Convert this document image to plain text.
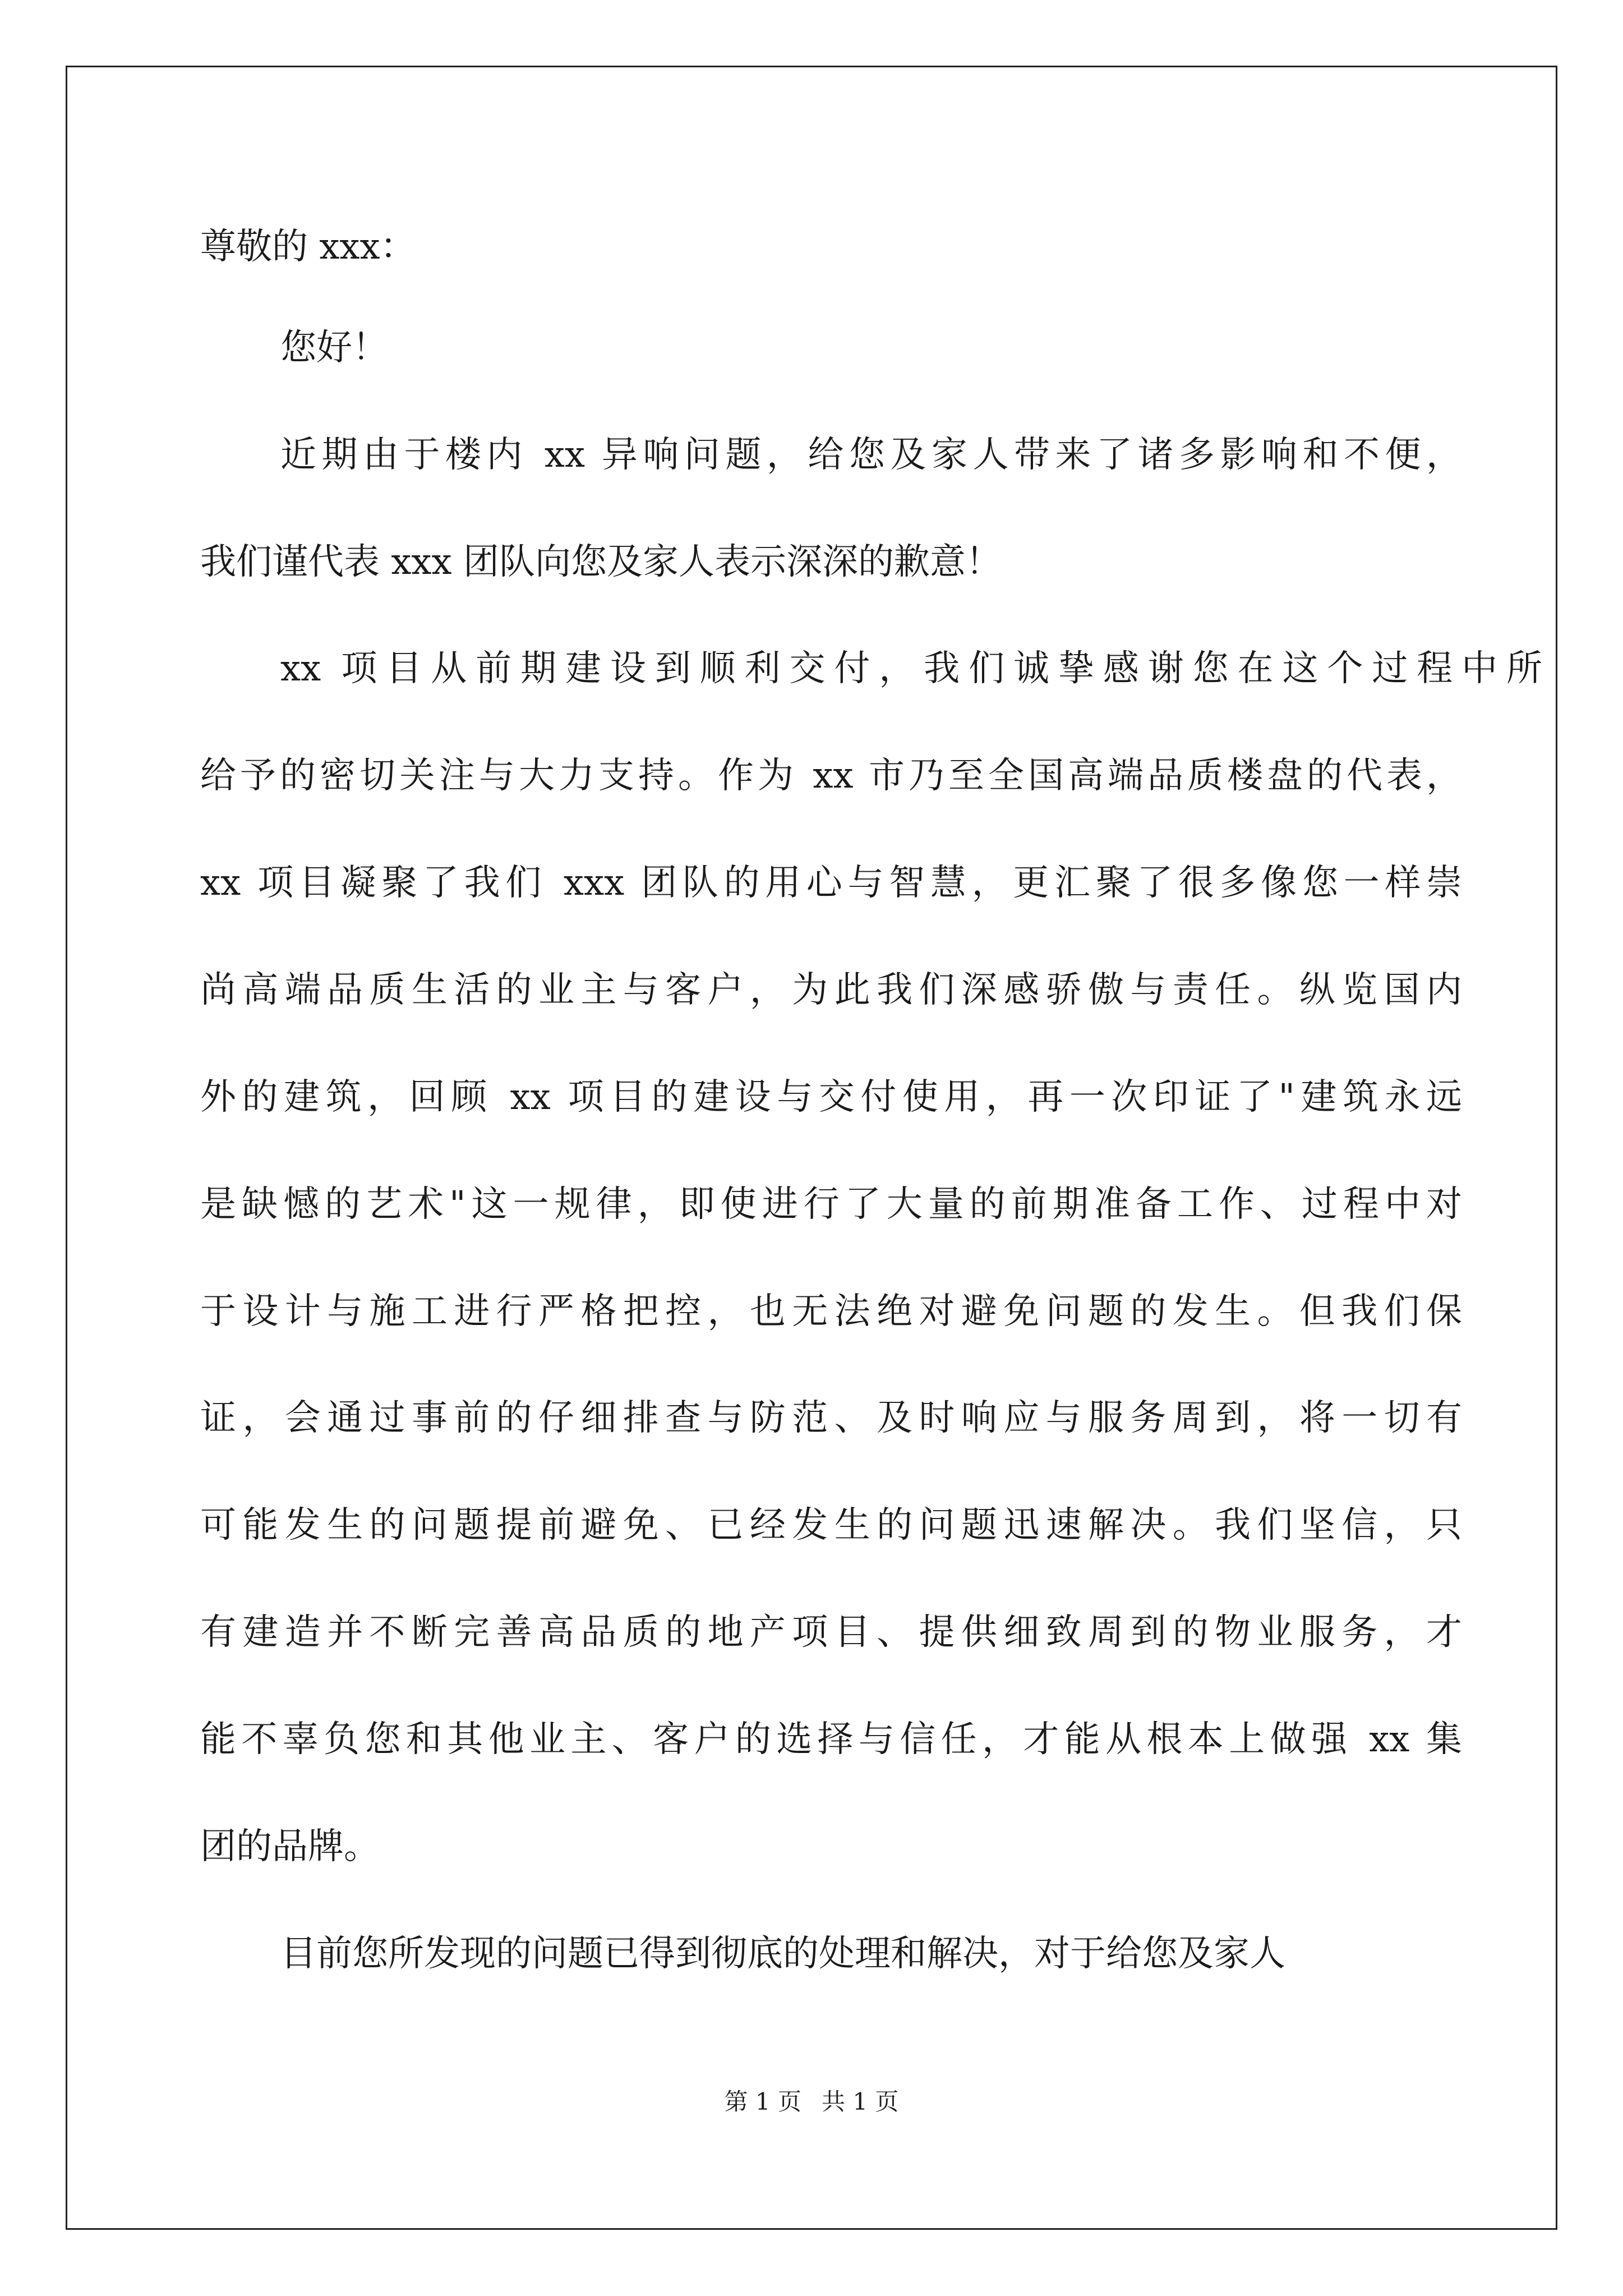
尊敬的 xxx：
您好！
近期由于楼内 xx 异响问题，给您及家人带来了诸多影响和不便，
我们谨代表 xxx 团队向您及家人表示深深的歉意！
xx 项目从前期建设到顺利交付，我们诚挚感谢您在这个过程中所
给予的密切关注与大力支持。作为 xx 市乃至全国高端品质楼盘的代表，
xx 项目凝聚了我们 xxx 团队的用心与智慧，更汇聚了很多像您一样崇
尚高端品质生活的业主与客户，为此我们深感骄傲与责任。纵览国内
外的建筑，回顾 xx 项目的建设与交付使用，再一次印证了"建筑永远
是缺憾的艺术"这一规律，即使进行了大量的前期准备工作、过程中对
于设计与施工进行严格把控，也无法绝对避免问题的发生。但我们保
证，会通过事前的仔细排查与防范、及时响应与服务周到，将一切有
可能发生的问题提前避免、已经发生的问题迅速解决。我们坚信，只
有建造并不断完善高品质的地产项目、提供细致周到的物业服务，才
能不辜负您和其他业主、客户的选择与信任，才能从根本上做强 xx 集
团的品牌。
目前您所发现的问题已得到彻底的处理和解决，对于给您及家人
第 1 页 共 1 页
